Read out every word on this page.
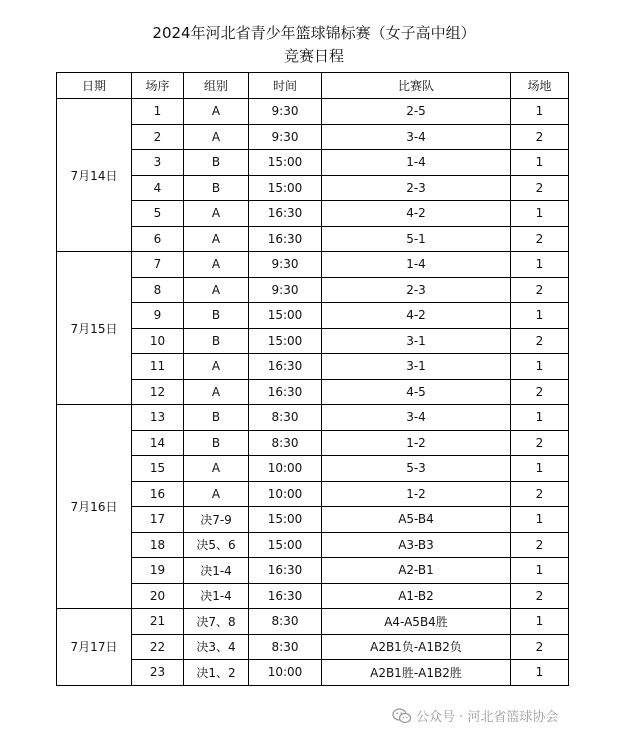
2024年河北省青少年篮球锦标赛（女子高中组）
竞赛日程
日期	场序	组别	时间	比赛队	场地
7月14日	1	A	9:30	2-5	1
	2	A	9:30	3-4	2
	3	B	15:00	1-4	1
	4	B	15:00	2-3	2
	5	A	16:30	4-2	1
	6	A	16:30	5-1	2
7月15日	7	A	9:30	1-4	1
	8	A	9:30	2-3	2
	9	B	15:00	4-2	1
	10	B	15:00	3-1	2
	11	A	16:30	3-1	1
	12	A	16:30	4-5	2
7月16日	13	B	8:30	3-4	1
	14	B	8:30	1-2	2
	15	A	10:00	5-3	1
	16	A	10:00	1-2	2
	17	决7-9	15:00	A5-B4	1
	18	决5、6	15:00	A3-B3	2
	19	决1-4	16:30	A2-B1	1
	20	决1-4	16:30	A1-B2	2
7月17日	21	决7、8	8:30	A4-A5B4胜	1
	22	决3、4	8:30	A2B1负-A1B2负	2
	23	决1、2	10:00	A2B1胜-A1B2胜	1
公众号 · 河北省篮球协会
